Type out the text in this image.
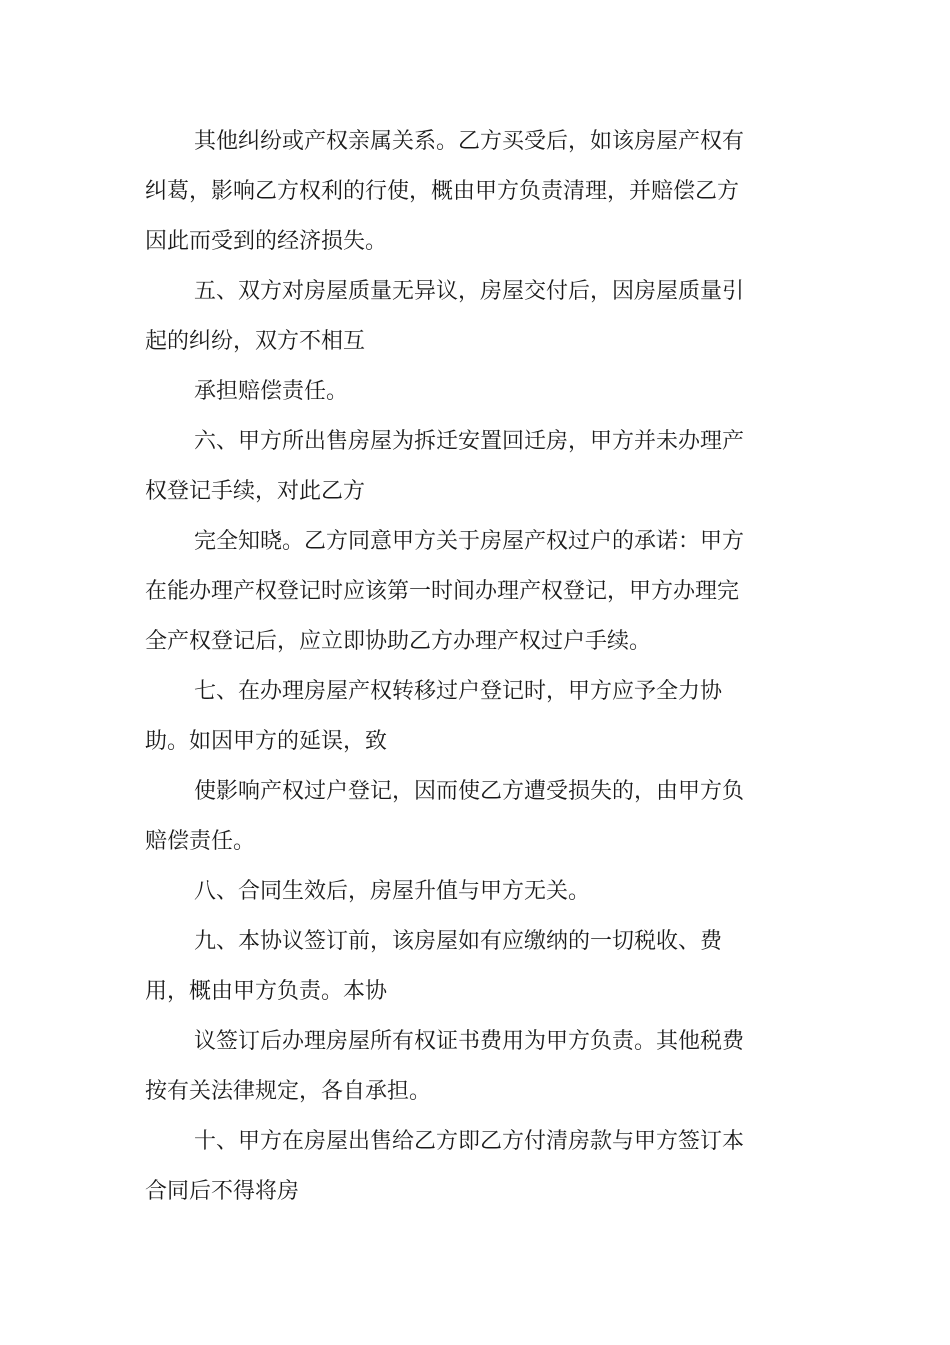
其他纠纷或产权亲属关系。乙方买受后，如该房屋产权有纠葛，影响乙方权利的行使，概由甲方负责清理，并赔偿乙方因此而受到的经济损失。

五、双方对房屋质量无异议，房屋交付后，因房屋质量引起的纠纷，双方不相互

承担赔偿责任。

六、甲方所出售房屋为拆迁安置回迁房，甲方并未办理产权登记手续，对此乙方

完全知晓。乙方同意甲方关于房屋产权过户的承诺：甲方在能办理产权登记时应该第一时间办理产权登记，甲方办理完全产权登记后，应立即协助乙方办理产权过户手续。

七、在办理房屋产权转移过户登记时，甲方应予全力协助。如因甲方的延误，致

使影响产权过户登记，因而使乙方遭受损失的，由甲方负赔偿责任。

八、合同生效后，房屋升值与甲方无关。

九、本协议签订前，该房屋如有应缴纳的一切税收、费用，概由甲方负责。本协

议签订后办理房屋所有权证书费用为甲方负责。其他税费按有关法律规定，各自承担。

十、甲方在房屋出售给乙方即乙方付清房款与甲方签订本合同后不得将房
